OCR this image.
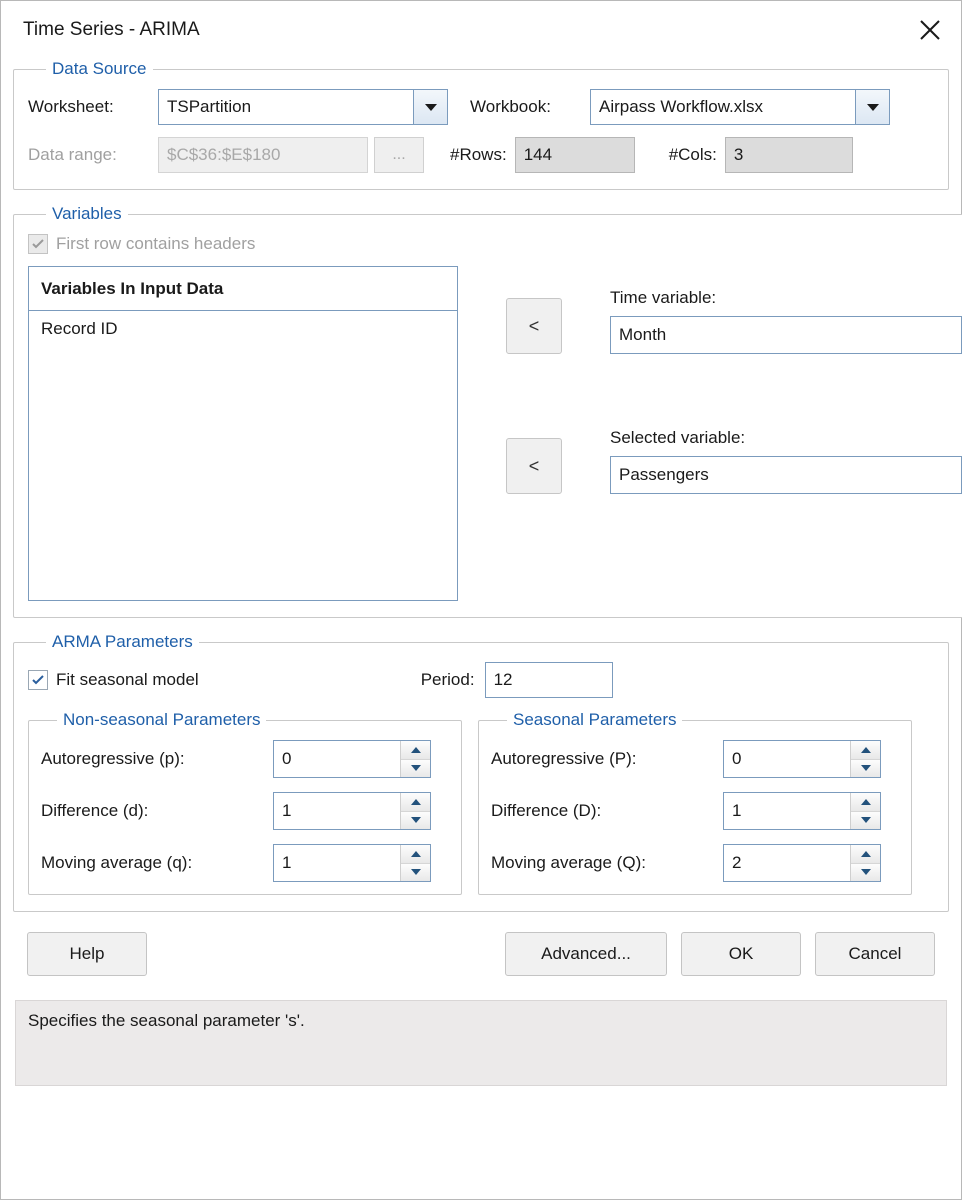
Time Series - ARIMA
Data Source
Worksheet:	TSPartition	Workbook:	Airpass Workflow.xlsx
Data range:	$C$36:$E$180	...	#Rows:	144	#Cols:	3
Variables
First row contains headers
Variables In Input Data
Record ID	<
Time variable:
Month
<
Selected variable:
Passengers
ARMA Parameters
Fit seasonal model	Period:	12
Non-seasonal Parameters
Autoregressive (p):	0
Difference (d):	1
Moving average (q):	1
Seasonal Parameters
Autoregressive (P):	0
Difference (D):	1
Moving average (Q):	2
Help	Advanced...	OK	Cancel
Specifies the seasonal parameter 's'.
